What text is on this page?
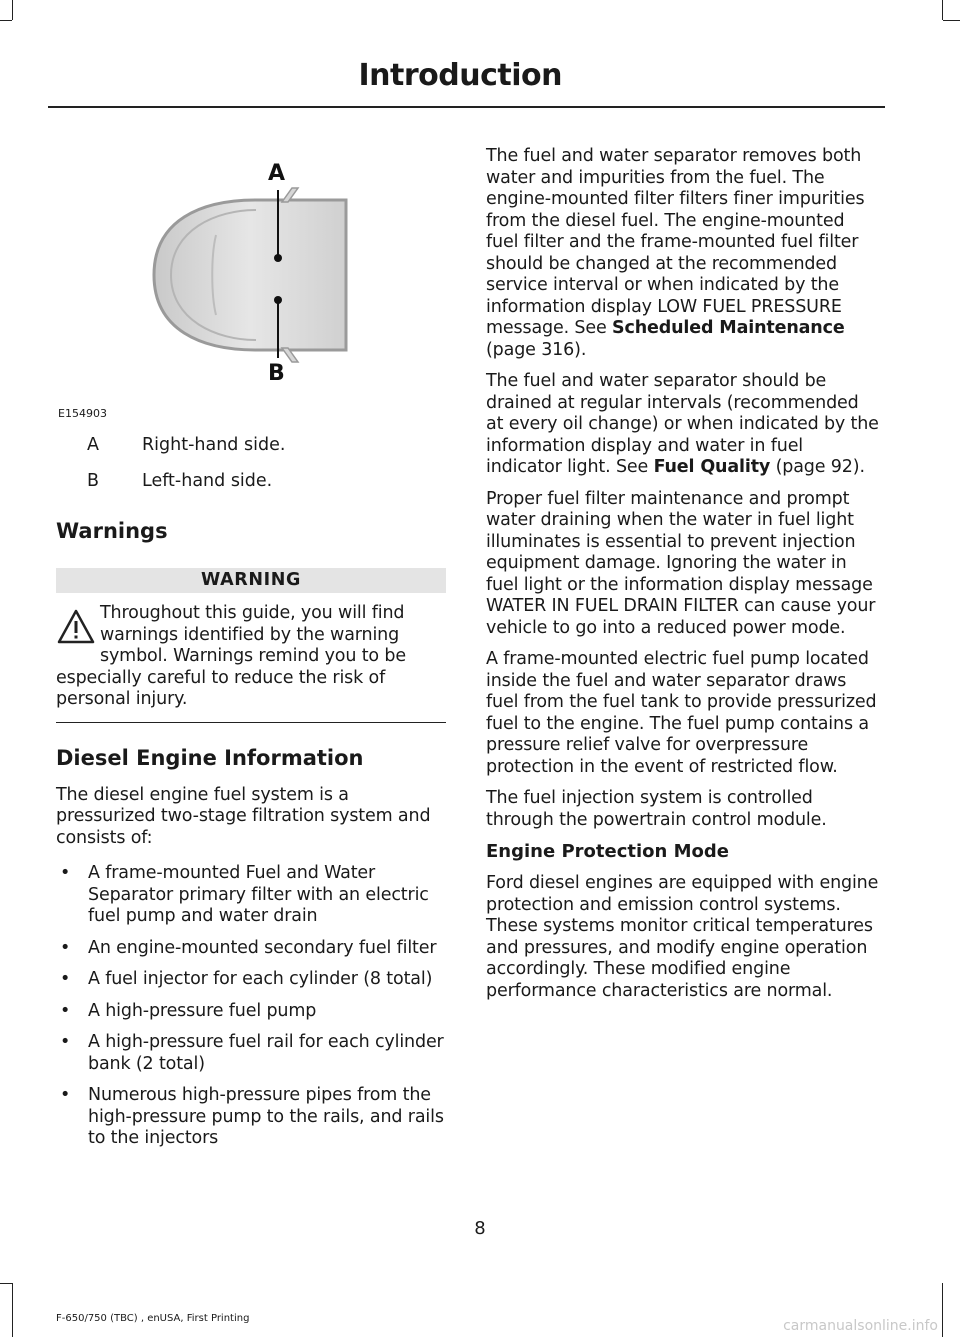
Introduction
A
B
E154903
A	Right-hand side.
B	Left-hand side.
Warnings
WARNING
Throughout this guide, you will find warnings identified by the warning symbol. Warnings remind you to be especially careful to reduce the risk of personal injury.
Diesel Engine Information

The diesel engine fuel system is a pressurized two-stage filtration system and consists of:

• A frame-mounted Fuel and Water Separator primary filter with an electric fuel pump and water drain
• An engine-mounted secondary fuel filter
• A fuel injector for each cylinder (8 total)
• A high-pressure fuel pump
• A high-pressure fuel rail for each cylinder bank (2 total)
• Numerous high-pressure pipes from the high-pressure pump to the rails, and rails to the injectors

The fuel and water separator removes both water and impurities from the fuel. The engine-mounted filter filters finer impurities from the diesel fuel. The engine-mounted fuel filter and the frame-mounted fuel filter should be changed at the recommended service interval or when indicated by the information display LOW FUEL PRESSURE message. See Scheduled Maintenance (page 316).

The fuel and water separator should be drained at regular intervals (recommended at every oil change) or when indicated by the information display and water in fuel indicator light. See Fuel Quality (page 92).

Proper fuel filter maintenance and prompt water draining when the water in fuel light illuminates is essential to prevent injection equipment damage. Ignoring the water in fuel light or the information display message WATER IN FUEL DRAIN FILTER can cause your vehicle to go into a reduced power mode.

A frame-mounted electric fuel pump located inside the fuel and water separator draws fuel from the fuel tank to provide pressurized fuel to the engine. The fuel pump contains a pressure relief valve for overpressure protection in the event of restricted flow.

The fuel injection system is controlled through the powertrain control module.

Engine Protection Mode

Ford diesel engines are equipped with engine protection and emission control systems. These systems monitor critical temperatures and pressures, and modify engine operation accordingly. These modified engine performance characteristics are normal.

8
F-650/750 (TBC) , enUSA, First Printing	carmanualsonline.info
